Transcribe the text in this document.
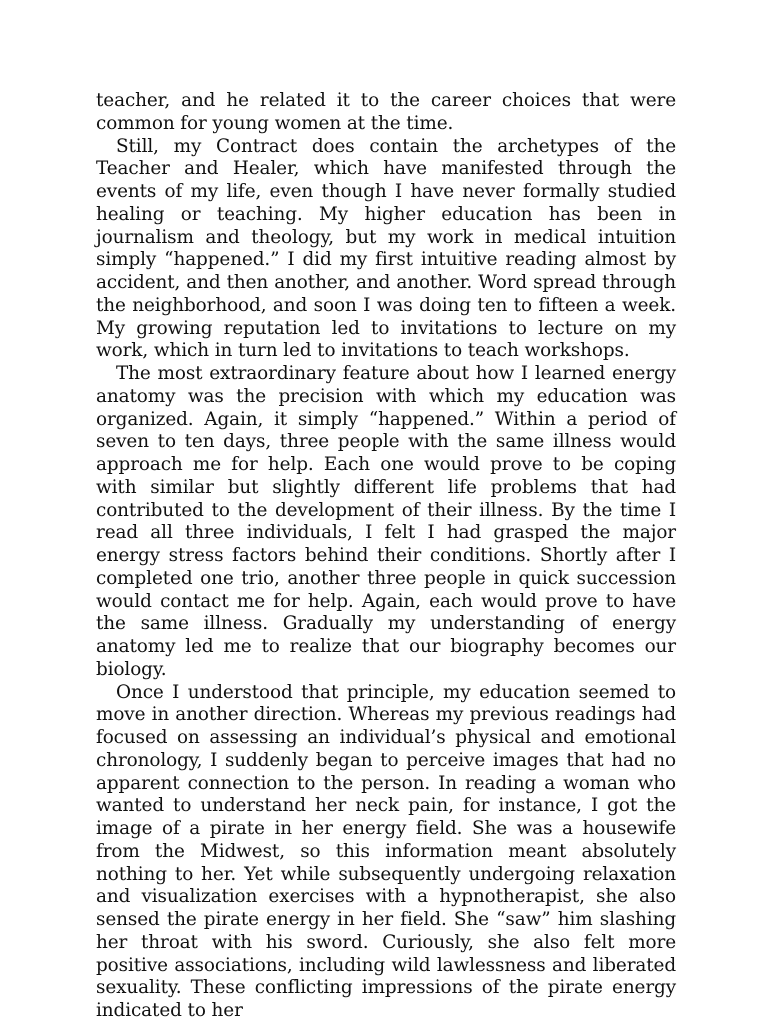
teacher, and he related it to the career choices that were common for young women at the time.

Still, my Contract does contain the archetypes of the Teacher and Healer, which have manifested through the events of my life, even though I have never formally studied healing or teaching. My higher education has been in journalism and theology, but my work in medical intuition simply “happened.” I did my first intuitive reading almost by accident, and then another, and another. Word spread through the neighborhood, and soon I was doing ten to fifteen a week. My growing reputation led to invitations to lecture on my work, which in turn led to invitations to teach workshops.

The most extraordinary feature about how I learned energy anatomy was the precision with which my education was organized. Again, it simply “happened.” Within a period of seven to ten days, three people with the same illness would approach me for help. Each one would prove to be coping with similar but slightly different life problems that had contributed to the development of their illness. By the time I read all three individuals, I felt I had grasped the major energy stress factors behind their conditions. Shortly after I completed one trio, another three people in quick succession would contact me for help. Again, each would prove to have the same illness. Gradually my understanding of energy anatomy led me to realize that our biography becomes our biology.

Once I understood that principle, my education seemed to move in another direction. Whereas my previous readings had focused on assessing an individual’s physical and emotional chronology, I suddenly began to perceive images that had no apparent connection to the person. In reading a woman who wanted to understand her neck pain, for instance, I got the image of a pirate in her energy field. She was a housewife from the Midwest, so this information meant absolutely nothing to her. Yet while subsequently undergoing relaxation and visualization exercises with a hypnotherapist, she also sensed the pirate energy in her field. She “saw” him slashing her throat with his sword. Curiously, she also felt more positive associations, including wild lawlessness and liberated sexuality. These conflicting impressions of the pirate energy indicated to her
